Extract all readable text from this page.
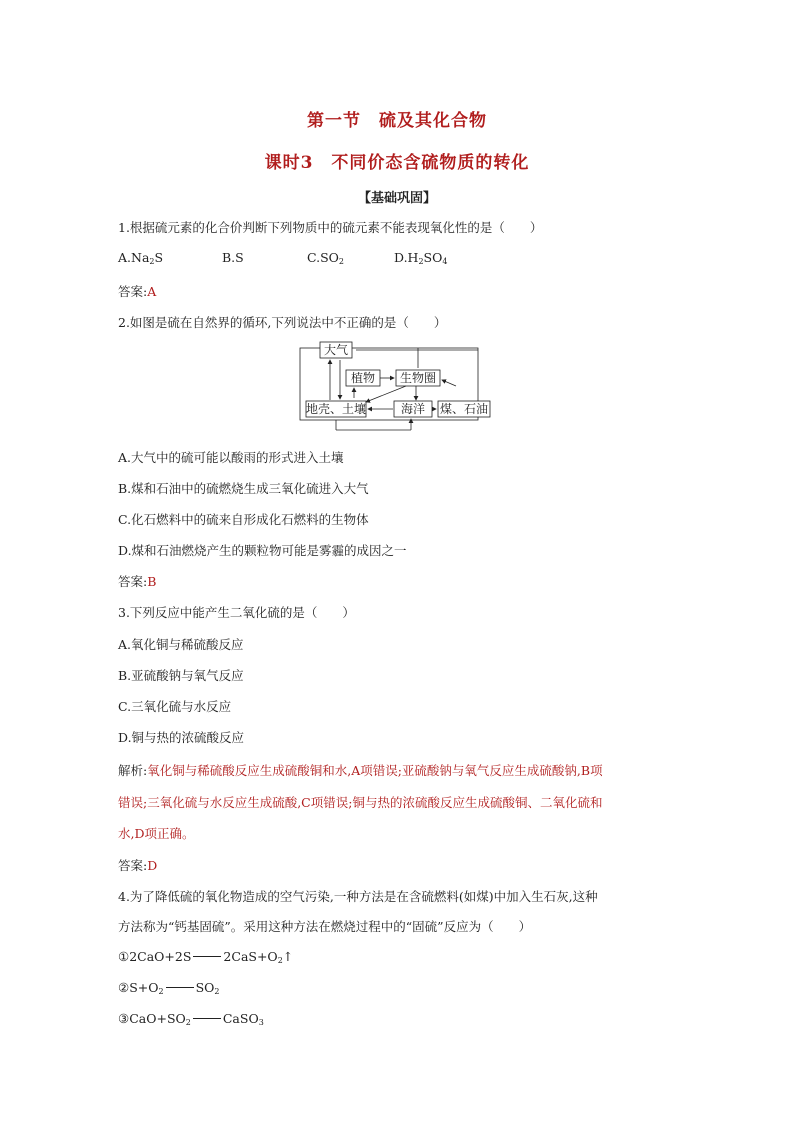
第一节　硫及其化合物
课时3　不同价态含硫物质的转化
【基础巩固】
1.根据硫元素的化合价判断下列物质中的硫元素不能表现氧化性的是（　　）
$A.Na_2S$	B.S	$C.SO_2$	$D.H_2SO_4$
答案:A
2.如图是硫在自然界的循环,下列说法中不正确的是（　　）
大气
植物 生物圈
地壳、土壤	海洋 煤、石油
A.大气中的硫可能以酸雨的形式进入土壤
B.煤和石油中的硫燃烧生成三氧化硫进入大气
C.化石燃料中的硫来自形成化石燃料的生物体
D.煤和石油燃烧产生的颗粒物可能是雾霾的成因之一
答案:B
3.下列反应中能产生二氧化硫的是（　　）
A.氧化铜与稀硫酸反应
B.亚硫酸钠与氧气反应
C.三氧化硫与水反应
D.铜与热的浓硫酸反应
解析:氧化铜与稀硫酸反应生成硫酸铜和水,A项错误;亚硫酸钠与氧气反应生成硫酸钠,B项
错误;三氧化硫与水反应生成硫酸,C项错误;铜与热的浓硫酸反应生成硫酸铜、二氧化硫和
水,D项正确。
答案:D
4.为了降低硫的氧化物造成的空气污染,一种方法是在含硫燃料(如煤)中加入生石灰,这种
方法称为“钙基固硫”。采用这种方法在燃烧过程中的“固硫”反应为（　　）
①2CaO+2S	$2CaS+O_2↑$
$②S+O_2$	$SO_2$
$③CaO+SO_2$	CaSO$_3$
